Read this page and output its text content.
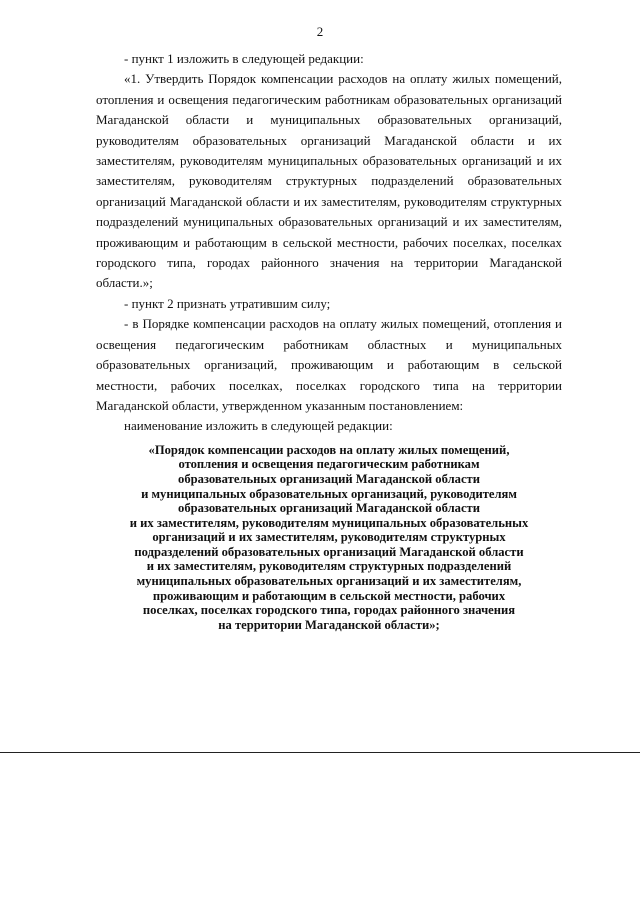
2

- пункт 1 изложить в следующей редакции:

«1. Утвердить Порядок компенсации расходов на оплату жилых помещений, отопления и освещения педагогическим работникам образовательных организаций Магаданской области и муниципальных образовательных организаций, руководителям образовательных организаций Магаданской области и их заместителям, руководителям муниципальных образовательных организаций и их заместителям, руководителям структурных подразделений образовательных организаций Магаданской области и их заместителям, руководителям структурных подразделений муниципальных образовательных организаций и их заместителям, проживающим и работающим в сельской местности, рабочих поселках, поселках городского типа, городах районного значения на территории Магаданской области.»;

- пункт 2 признать утратившим силу;

- в Порядке компенсации расходов на оплату жилых помещений, отопления и освещения педагогическим работникам областных и муниципальных образовательных организаций, проживающим и работающим в сельской местности, рабочих поселках, поселках городского типа на территории Магаданской области, утвержденном указанным постановлением:

наименование изложить в следующей редакции:

«Порядок компенсации расходов на оплату жилых помещений,
отопления и освещения педагогическим работникам
образовательных организаций Магаданской области
и муниципальных образовательных организаций, руководителям
образовательных организаций Магаданской области
и их заместителям, руководителям муниципальных образовательных
организаций и их заместителям, руководителям структурных
подразделений образовательных организаций Магаданской области
и их заместителям, руководителям структурных подразделений
муниципальных образовательных организаций и их заместителям,
проживающим и работающим в сельской местности, рабочих
поселках, поселках городского типа, городах районного значения
на территории Магаданской области»;
